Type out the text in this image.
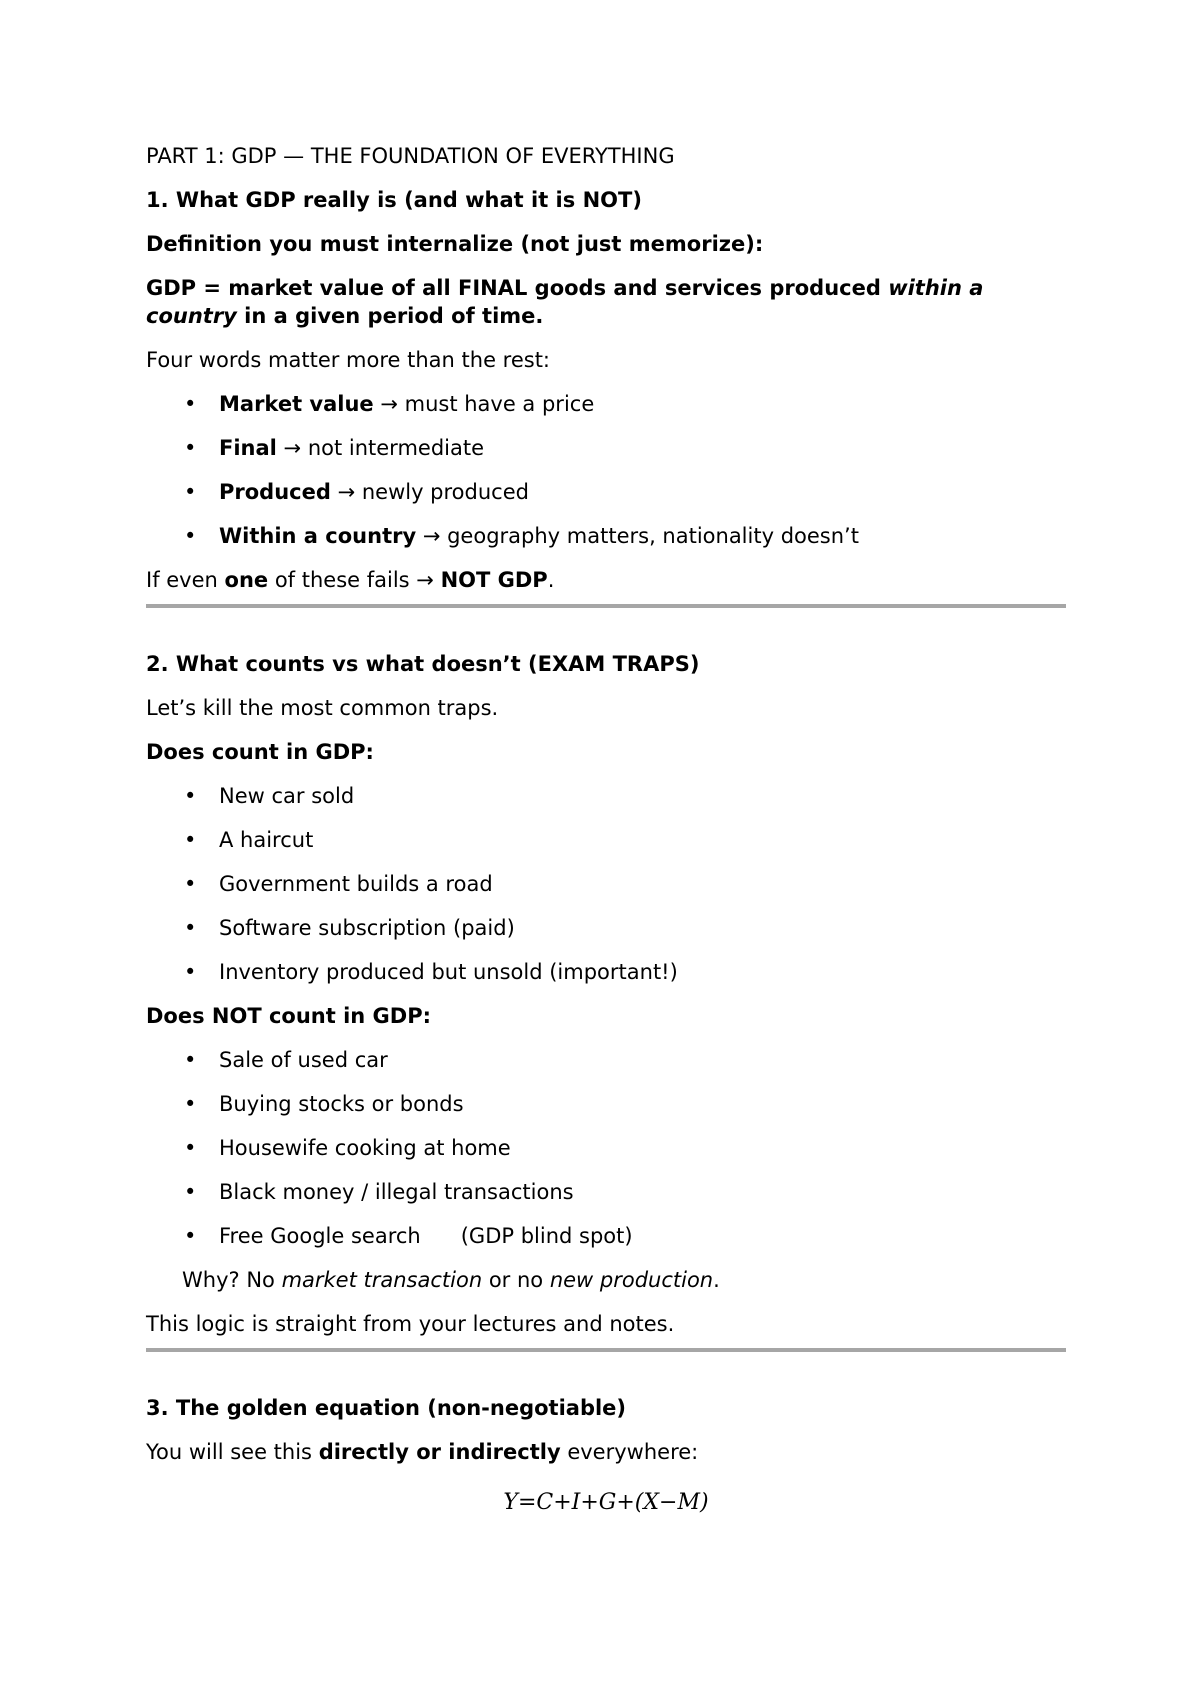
PART 1: GDP — THE FOUNDATION OF EVERYTHING

1. What GDP really is (and what it is NOT)

Definition you must internalize (not just memorize):

GDP = market value of all FINAL goods and services produced within a country in a given period of time.

Four words matter more than the rest:

• Market value → must have a price
• Final → not intermediate
• Produced → newly produced
• Within a country → geography matters, nationality doesn’t

If even one of these fails → NOT GDP.

2. What counts vs what doesn’t (EXAM TRAPS)

Let’s kill the most common traps.

Does count in GDP:

• New car sold
• A haircut
• Government builds a road
• Software subscription (paid)
• Inventory produced but unsold (important!)

Does NOT count in GDP:

• Sale of used car
• Buying stocks or bonds
• Housewife cooking at home
• Black money / illegal transactions
• Free Google search (GDP blind spot)

Why? No market transaction or no new production.

This logic is straight from your lectures and notes.

3. The golden equation (non-negotiable)

You will see this directly or indirectly everywhere:

Y=C+I+G+(X−M)
